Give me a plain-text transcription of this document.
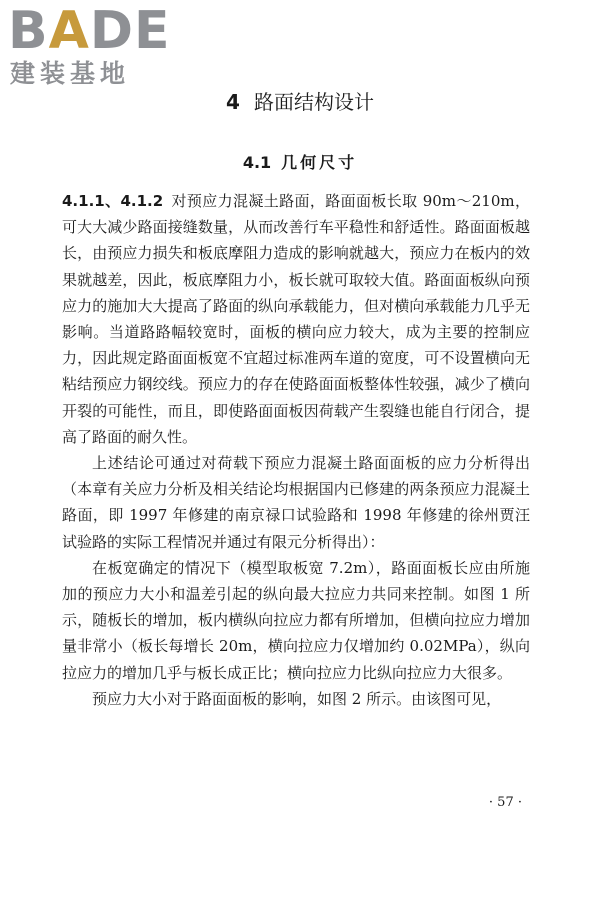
BADE
建装基地
4 路面结构设计
4.1 几何尺寸

4.1.1、4.1.2 对预应力混凝土路面，路面面板长取 90m～210m，可大大减少路面接缝数量，从而改善行车平稳性和舒适性。路面面板越长，由预应力损失和板底摩阻力造成的影响就越大，预应力在板内的效果就越差，因此，板底摩阻力小，板长就可取较大值。路面面板纵向预应力的施加大大提高了路面的纵向承载能力，但对横向承载能力几乎无影响。当道路路幅较宽时，面板的横向应力较大，成为主要的控制应力，因此规定路面面板宽不宜超过标准两车道的宽度，可不设置横向无粘结预应力钢绞线。预应力的存在使路面面板整体性较强，减少了横向开裂的可能性，而且，即使路面面板因荷载产生裂缝也能自行闭合，提高了路面的耐久性。

上述结论可通过对荷载下预应力混凝土路面面板的应力分析得出（本章有关应力分析及相关结论均根据国内已修建的两条预应力混凝土路面，即 1997 年修建的南京禄口试验路和 1998 年修建的徐州贾汪试验路的实际工程情况并通过有限元分析得出）：

在板宽确定的情况下（模型取板宽 7.2m），路面面板长应由所施加的预应力大小和温差引起的纵向最大拉应力共同来控制。如图 1 所示，随板长的增加，板内横纵向拉应力都有所增加，但横向拉应力增加量非常小（板长每增长 20m，横向拉应力仅增加约 0.02MPa），纵向拉应力的增加几乎与板长成正比；横向拉应力比纵向拉应力大很多。

预应力大小对于路面面板的影响，如图 2 所示。由该图可见，

· 57 ·
